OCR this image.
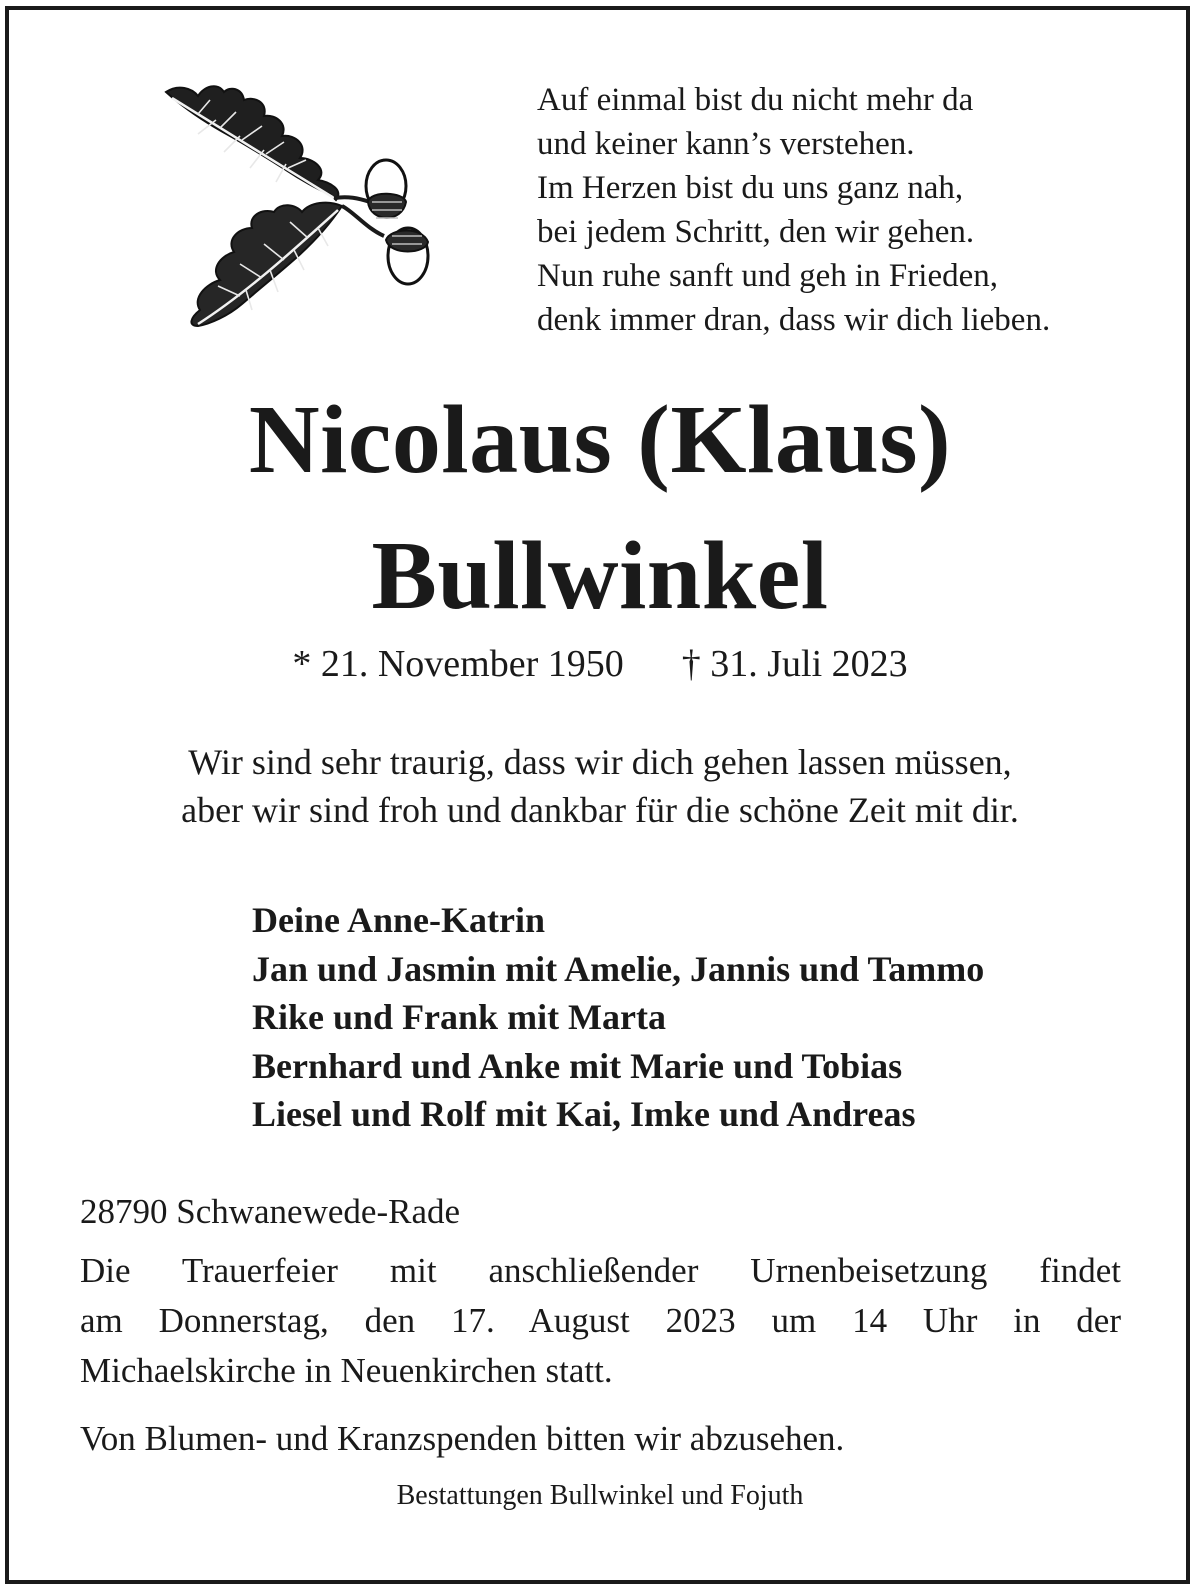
Auf einmal bist du nicht mehr da
und keiner kann’s verstehen.
Im Herzen bist du uns ganz nah,
bei jedem Schritt, den wir gehen.
Nun ruhe sanft und geh in Frieden,
denk immer dran, dass wir dich lieben.
Nicolaus (Klaus)
Bullwinkel
* 21. November 1950 † 31. Juli 2023
Wir sind sehr traurig, dass wir dich gehen lassen müssen,
aber wir sind froh und dankbar für die schöne Zeit mit dir.
Deine Anne-Katrin
Jan und Jasmin mit Amelie, Jannis und Tammo
Rike und Frank mit Marta
Bernhard und Anke mit Marie und Tobias
Liesel und Rolf mit Kai, Imke und Andreas
28790 Schwanewede-Rade
Die Trauerfeier mit anschließender Urnenbeisetzung findet
am Donnerstag, den 17. August 2023 um 14 Uhr in der
Michaelskirche in Neuenkirchen statt.
Von Blumen- und Kranzspenden bitten wir abzusehen.
Bestattungen Bullwinkel und Fojuth
